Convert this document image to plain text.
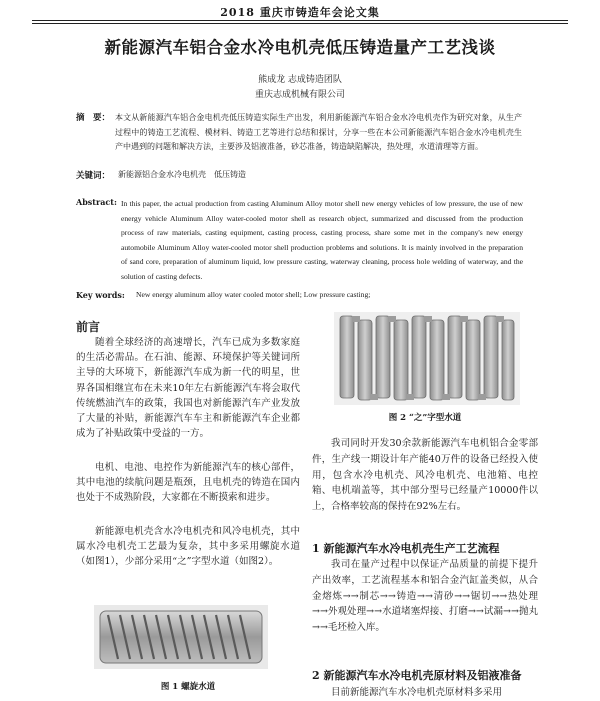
2018 重庆市铸造年会论文集
新能源汽车铝合金水冷电机壳低压铸造量产工艺浅谈
熊成龙 志成铸造团队
重庆志成机械有限公司
摘　要： 本文从新能源汽车铝合金电机壳低压铸造实际生产出发，利用新能源汽车铝合金水冷电机壳作为研究对象，从生产过程中的铸造工艺流程、模材料、铸造工艺等进行总结和探讨，分享一些在本公司新能源汽车铝合金水冷电机壳生产中遇到的问题和解决方法，主要涉及铝液准备，砂芯准备，铸造缺陷解决，热处理，水道清理等方面。
关键词： 新能源铝合金水冷电机壳　低压铸造
Abstract: In this paper, the actual production from casting Aluminum Alloy motor shell new energy vehicles of low pressure, the use of new energy vehicle Aluminum Alloy water-cooled motor shell as research object, summarized and discussed from the production process of raw materials, casting equipment, casting process, casting process, share some met in the company's new energy automobile Aluminum Alloy water-cooled motor shell production problems and solutions. It is mainly involved in the preparation of sand core, preparation of aluminum liquid, low pressure casting, waterway cleaning, process hole welding of waterway, and the solution of casting defects.
Key words: New energy aluminum alloy water cooled motor shell; Low pressure casting;
前言
随着全球经济的高速增长，汽车已成为多数家庭的生活必需品。在石油、能源、环境保护等关键词所主导的大环境下，新能源汽车成为新一代的明星，世界各国相继宣布在未来10年左右新能源汽车将会取代传统燃油汽车的政策，我国也对新能源汽车产业发放了大量的补贴，新能源汽车车主和新能源汽车企业都成为了补贴政策中受益的一方。
电机、电池、电控作为新能源汽车的核心部件，其中电池的续航问题是瓶颈，且电机壳的铸造在国内也处于不成熟阶段，大家都在不断摸索和进步。
新能源电机壳含水冷电机壳和风冷电机壳，其中属水冷电机壳工艺最为复杂，其中多采用螺旋水道（如图1），少部分采用“之”字型水道（如图2）。
图 1 螺旋水道
图 2 “之”字型水道
我司同时开发30余款新能源汽车电机铝合金零部件，生产线一期设计年产能40万件的设备已经投入使用，包含水冷电机壳、风冷电机壳、电池箱、电控箱、电机端盖等，其中部分型号已经量产10000件以上，合格率较高的保持在92%左右。
1 新能源汽车水冷电机壳生产工艺流程
我司在量产过程中以保证产品质量的前提下提升产出效率，工艺流程基本和铝合金汽缸盖类似，从合金熔炼→→制芯→→铸造→→清砂→→锯切→→热处理→→外观处理→→水道堵塞焊接、打磨→→试漏→→抛丸→→毛坯检入库。
2 新能源汽车水冷电机壳原材料及铝液准备
目前新能源汽车水冷电机壳原材料多采用
